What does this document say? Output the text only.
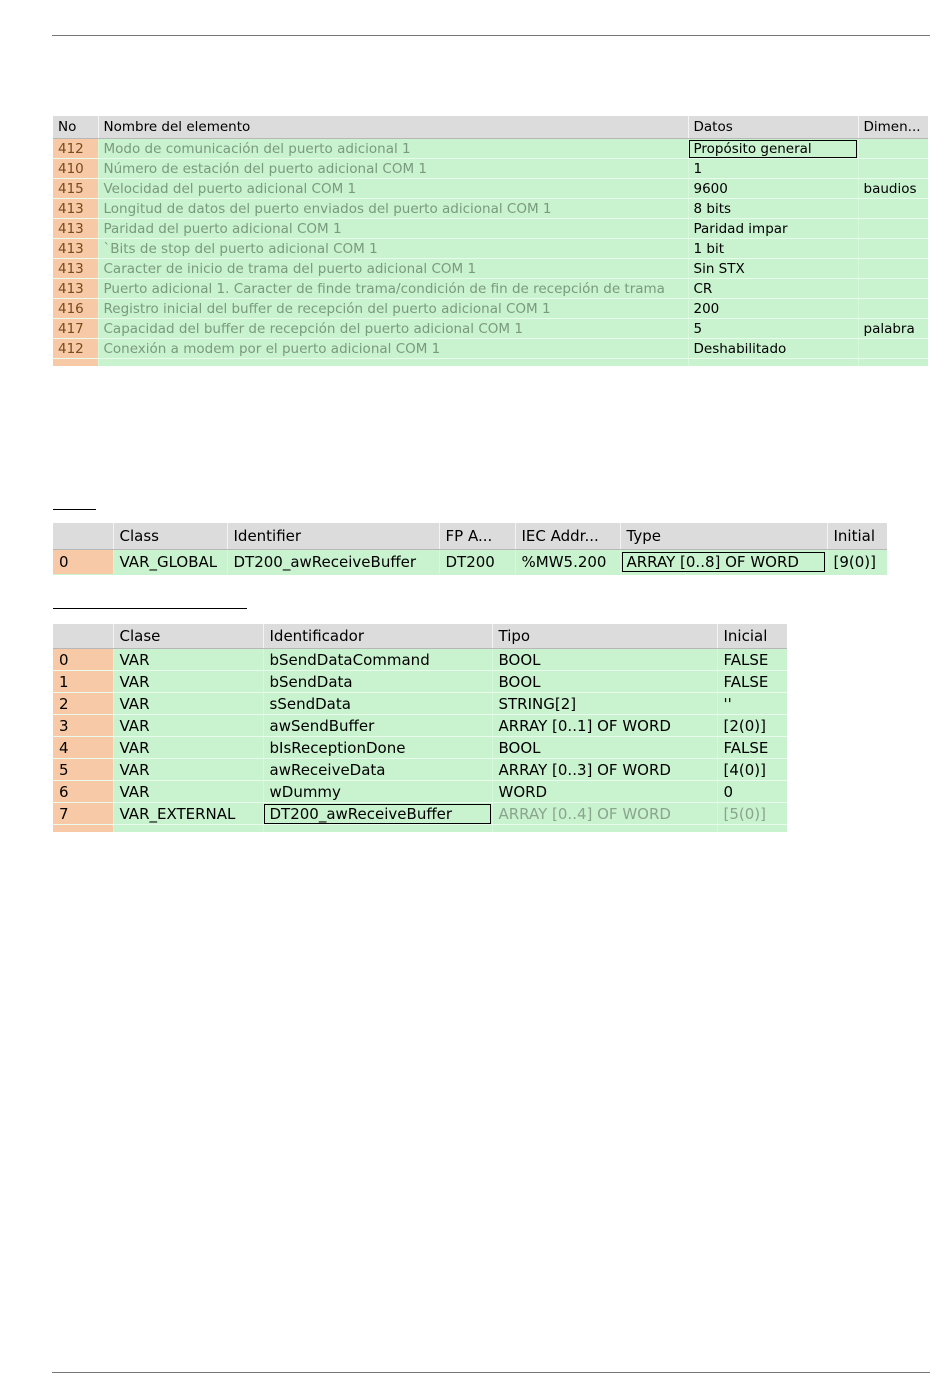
No	Nombre del elemento	Datos	Dimen...
412	Modo de comunicación del puerto adicional 1	Propósito general	
410	Número de estación del puerto adicional COM 1	1	
415	Velocidad del puerto adicional COM 1	9600	baudios
413	Longitud de datos del puerto enviados del puerto adicional COM 1	8 bits	
413	Paridad del puerto adicional COM 1	Paridad impar	
413	`Bits de stop del puerto adicional COM 1	1 bit	
413	Caracter de inicio de trama del puerto adicional COM 1	Sin STX	
413	Puerto adicional 1. Caracter de finde trama/condición de fin de recepción de trama	CR	
416	Registro inicial del buffer de recepción del puerto adicional COM 1	200	
417	Capacidad del buffer de recepción del puerto adicional COM 1	5	palabra
412	Conexión a modem por el puerto adicional COM 1	Deshabilitado	

	Class	Identifier	FP A...	IEC Addr...	Type	Initial
0	VAR_GLOBAL	DT200_awReceiveBuffer	DT200	%MW5.200	ARRAY [0..8] OF WORD	[9(0)]
	Clase	Identificador	Tipo	Inicial
0	VAR	bSendDataCommand	BOOL	FALSE
1	VAR	bSendData	BOOL	FALSE
2	VAR	sSendData	STRING[2]	''
3	VAR	awSendBuffer	ARRAY [0..1] OF WORD	[2(0)]
4	VAR	bIsReceptionDone	BOOL	FALSE
5	VAR	awReceiveData	ARRAY [0..3] OF WORD	[4(0)]
6	VAR	wDummy	WORD	0
7	VAR_EXTERNAL	DT200_awReceiveBuffer	ARRAY [0..4] OF WORD	[5(0)]
